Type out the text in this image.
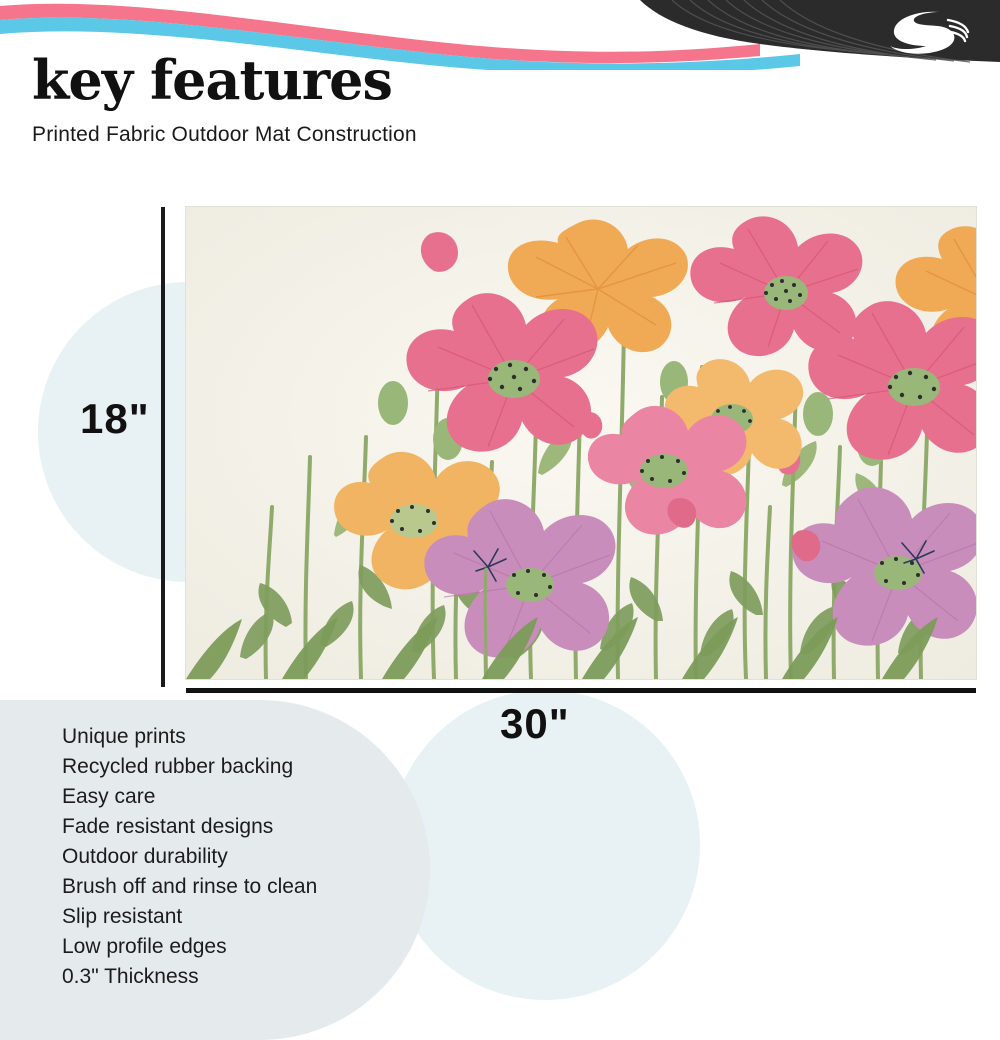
key features
Printed Fabric Outdoor Mat Construction
30"
18"
Unique prints
Recycled rubber backing
Easy care
Fade resistant designs
Outdoor durability
Brush off and rinse to clean
Slip resistant
Low profile edges
0.3" Thickness
